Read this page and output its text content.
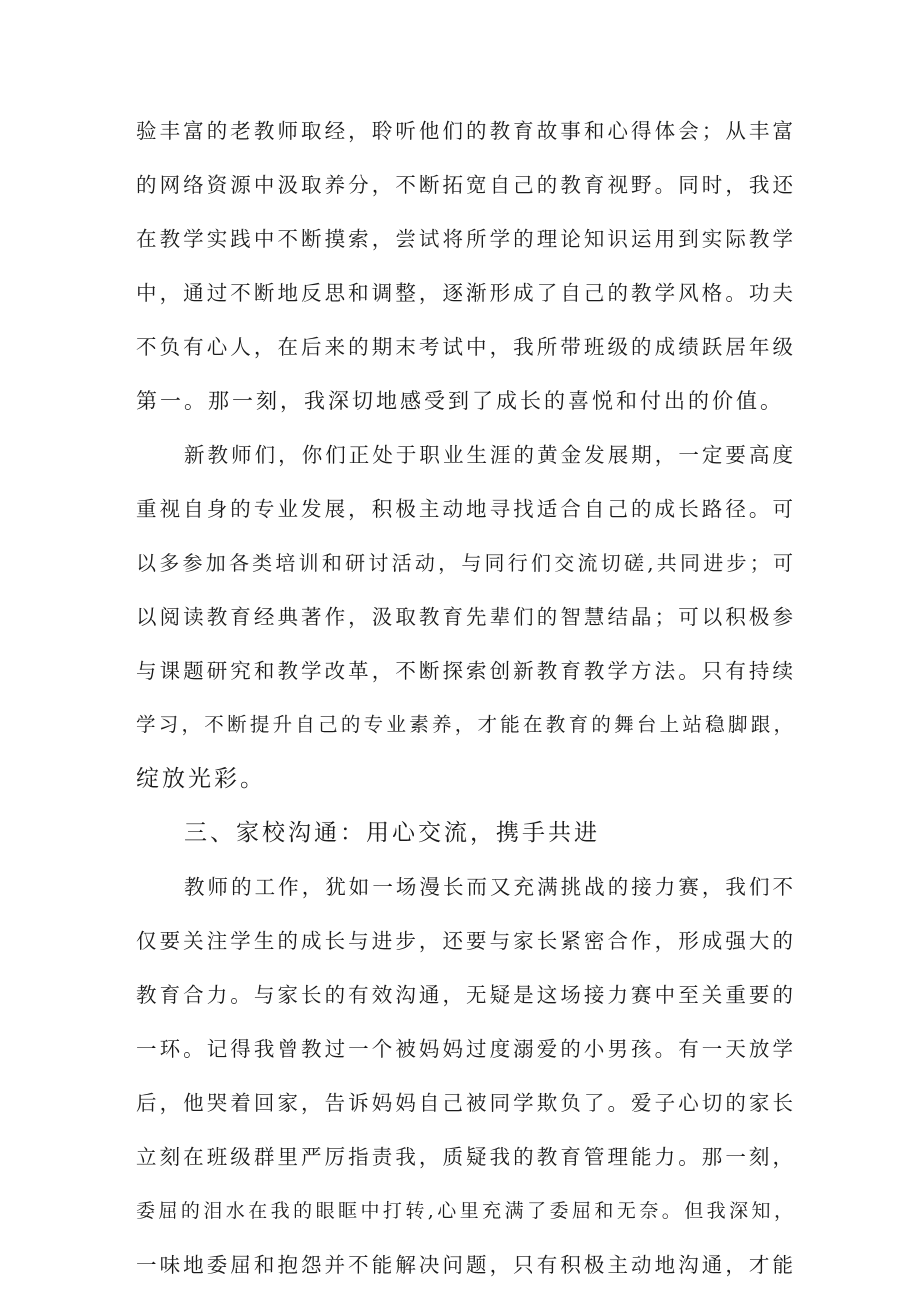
验丰富的老教师取经，聆听他们的教育故事和心得体会；从丰富
的网络资源中汲取养分，不断拓宽自己的教育视野。同时，我还
在教学实践中不断摸索，尝试将所学的理论知识运用到实际教学
中，通过不断地反思和调整，逐渐形成了自己的教学风格。功夫
不负有心人，在后来的期末考试中，我所带班级的成绩跃居年级
第一。那一刻，我深切地感受到了成长的喜悦和付出的价值。
新教师们，你们正处于职业生涯的黄金发展期，一定要高度
重视自身的专业发展，积极主动地寻找适合自己的成长路径。可
以多参加各类培训和研讨活动，与同行们交流切磋,共同进步；可
以阅读教育经典著作，汲取教育先辈们的智慧结晶；可以积极参
与课题研究和教学改革，不断探索创新教育教学方法。只有持续
学习，不断提升自己的专业素养，才能在教育的舞台上站稳脚跟，
绽放光彩。
三、家校沟通：用心交流，携手共进
教师的工作，犹如一场漫长而又充满挑战的接力赛，我们不
仅要关注学生的成长与进步，还要与家长紧密合作，形成强大的
教育合力。与家长的有效沟通，无疑是这场接力赛中至关重要的
一环。记得我曾教过一个被妈妈过度溺爱的小男孩。有一天放学
后，他哭着回家，告诉妈妈自己被同学欺负了。爱子心切的家长
立刻在班级群里严厉指责我，质疑我的教育管理能力。那一刻，
委屈的泪水在我的眼眶中打转,心里充满了委屈和无奈。但我深知，
一味地委屈和抱怨并不能解决问题，只有积极主动地沟通，才能
